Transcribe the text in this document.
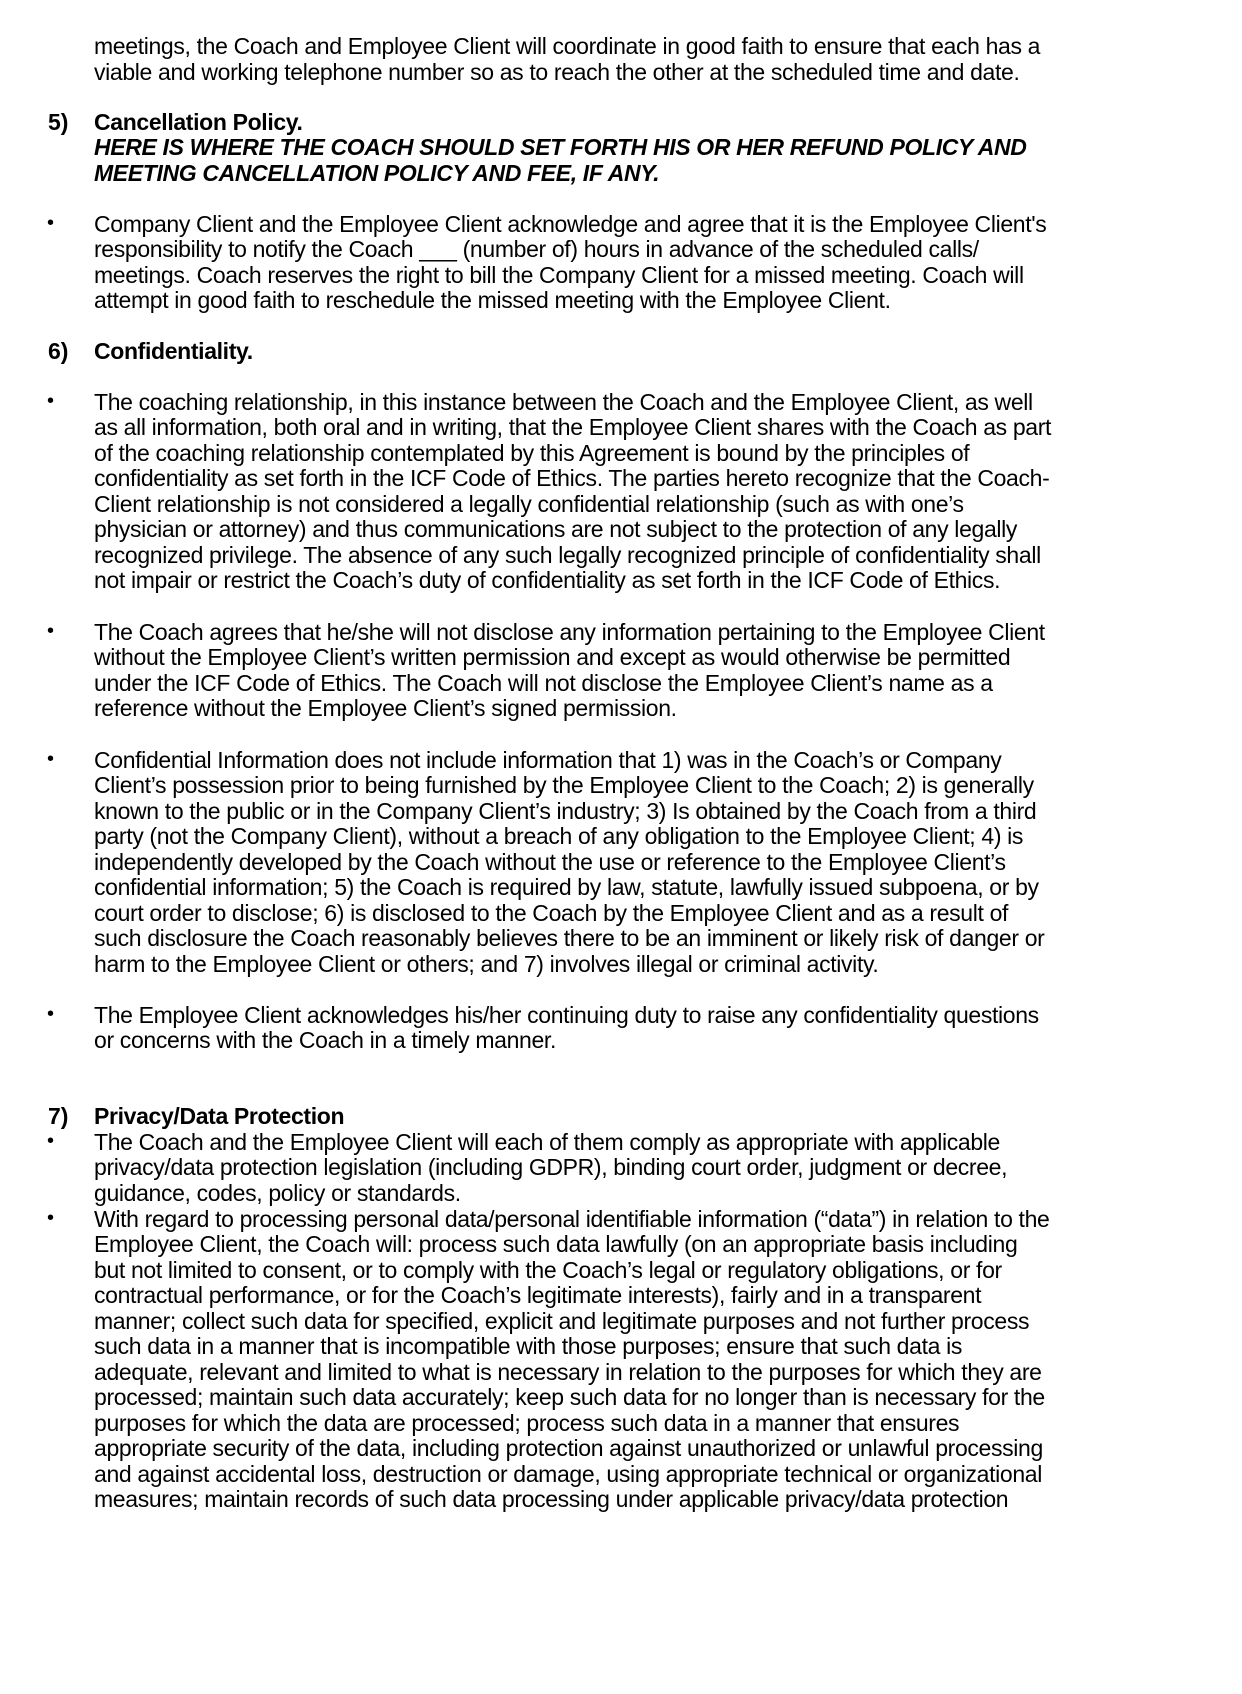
meetings, the Coach and Employee Client will coordinate in good faith to ensure that each has a
viable and working telephone number so as to reach the other at the scheduled time and date.
5) Cancellation Policy.
HERE IS WHERE THE COACH SHOULD SET FORTH HIS OR HER REFUND POLICY AND
MEETING CANCELLATION POLICY AND FEE, IF ANY.
• Company Client and the Employee Client acknowledge and agree that it is the Employee Client's
responsibility to notify the Coach ___ (number of) hours in advance of the scheduled calls/
meetings. Coach reserves the right to bill the Company Client for a missed meeting. Coach will
attempt in good faith to reschedule the missed meeting with the Employee Client.
6) Confidentiality.
• The coaching relationship, in this instance between the Coach and the Employee Client, as well
as all information, both oral and in writing, that the Employee Client shares with the Coach as part
of the coaching relationship contemplated by this Agreement is bound by the principles of
confidentiality as set forth in the ICF Code of Ethics. The parties hereto recognize that the Coach-
Client relationship is not considered a legally confidential relationship (such as with one’s
physician or attorney) and thus communications are not subject to the protection of any legally
recognized privilege. The absence of any such legally recognized principle of confidentiality shall
not impair or restrict the Coach’s duty of confidentiality as set forth in the ICF Code of Ethics.
• The Coach agrees that he/she will not disclose any information pertaining to the Employee Client
without the Employee Client’s written permission and except as would otherwise be permitted
under the ICF Code of Ethics. The Coach will not disclose the Employee Client’s name as a
reference without the Employee Client’s signed permission.
• Confidential Information does not include information that 1) was in the Coach’s or Company
Client’s possession prior to being furnished by the Employee Client to the Coach; 2) is generally
known to the public or in the Company Client’s industry; 3) Is obtained by the Coach from a third
party (not the Company Client), without a breach of any obligation to the Employee Client; 4) is
independently developed by the Coach without the use or reference to the Employee Client’s
confidential information; 5) the Coach is required by law, statute, lawfully issued subpoena, or by
court order to disclose; 6) is disclosed to the Coach by the Employee Client and as a result of
such disclosure the Coach reasonably believes there to be an imminent or likely risk of danger or
harm to the Employee Client or others; and 7) involves illegal or criminal activity.
• The Employee Client acknowledges his/her continuing duty to raise any confidentiality questions
or concerns with the Coach in a timely manner.
7) Privacy/Data Protection
• The Coach and the Employee Client will each of them comply as appropriate with applicable
privacy/data protection legislation (including GDPR), binding court order, judgment or decree,
guidance, codes, policy or standards.
• With regard to processing personal data/personal identifiable information (“data”) in relation to the
Employee Client, the Coach will: process such data lawfully (on an appropriate basis including
but not limited to consent, or to comply with the Coach’s legal or regulatory obligations, or for
contractual performance, or for the Coach’s legitimate interests), fairly and in a transparent
manner; collect such data for specified, explicit and legitimate purposes and not further process
such data in a manner that is incompatible with those purposes; ensure that such data is
adequate, relevant and limited to what is necessary in relation to the purposes for which they are
processed; maintain such data accurately; keep such data for no longer than is necessary for the
purposes for which the data are processed; process such data in a manner that ensures
appropriate security of the data, including protection against unauthorized or unlawful processing
and against accidental loss, destruction or damage, using appropriate technical or organizational
measures; maintain records of such data processing under applicable privacy/data protection
